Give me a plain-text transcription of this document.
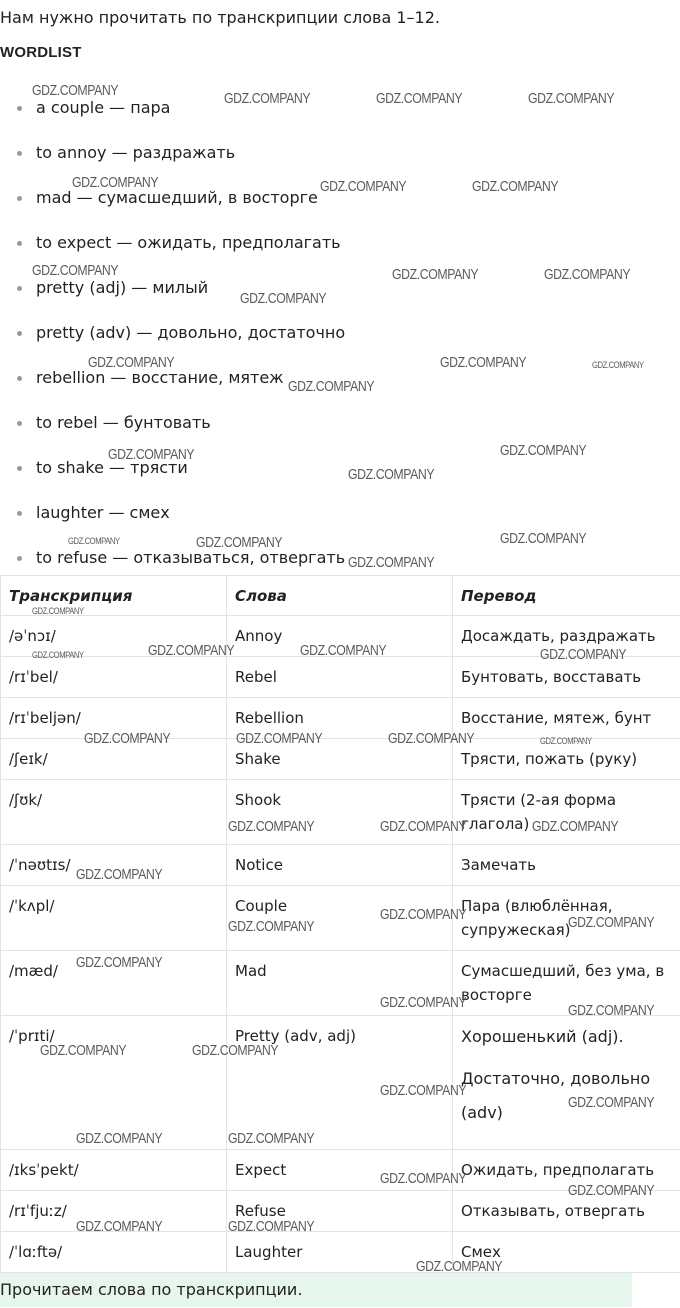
Нам нужно прочитать по транскрипции слова 1–12.
WORDLIST
a couple — пара
to annoy — раздражать
mad — сумасшедший, в восторге
to expect — ожидать, предполагать
pretty (adj) — милый
pretty (adv) — довольно, достаточно
rebellion — восстание, мятеж
to rebel — бунтовать
to shake — трясти
laughter — смех
to refuse — отказываться, отвергать
Транскрипция	Слова	Перевод
/əˈnɔɪ/	Annoy	Досаждать, раздражать
/rɪˈbel/	Rebel	Бунтовать, восставать
/rɪˈbeljən/	Rebellion	Восстание, мятеж, бунт
/ʃeɪk/	Shake	Трясти, пожать (руку)
/ʃʊk/	Shook	Трясти (2-ая форма глагола)
/ˈnəʊtɪs/	Notice	Замечать
/ˈkʌpl/	Couple	Пара (влюблённая, супружеская)
/mæd/	Mad	Сумасшедший, без ума, в восторге
/ˈprɪti/	Pretty (adv, adj)	Хорошенький (adj).
Достаточно, довольно (adv)

/ɪksˈpekt/	Expect	Ожидать, предполагать
/rɪˈfjuːz/	Refuse	Отказывать, отвергать
/ˈlɑːftə/	Laughter	Смех
Прочитаем слова по транскрипции.
GDZ.COMPANY	GDZ.COMPANY	GDZ.COMPANY	GDZ.COMPANY
GDZ.COMPANY	GDZ.COMPANY	GDZ.COMPANY
GDZ.COMPANY	GDZ.COMPANY	GDZ.COMPANY
GDZ.COMPANY
GDZ.COMPANY	GDZ.COMPANY	GDZ.COMPANY
GDZ.COMPANY
GDZ.COMPANY	GDZ.COMPANY
GDZ.COMPANY
GDZ.COMPANY	GDZ.COMPANY	GDZ.COMPANY
GDZ.COMPANY
GDZ.COMPANY
GDZ.COMPANY	GDZ.COMPANY	GDZ.COMPANY	GDZ.COMPANY
GDZ.COMPANY	GDZ.COMPANY	GDZ.COMPANY	GDZ.COMPANY
GDZ.COMPANY	GDZ.COMPANY	GDZ.COMPANY
GDZ.COMPANY
GDZ.COMPANY	GDZ.COMPANY
GDZ.COMPANY
GDZ.COMPANY
GDZ.COMPANY	GDZ.COMPANY
GDZ.COMPANY	GDZ.COMPANY
GDZ.COMPANY
GDZ.COMPANY
GDZ.COMPANY	GDZ.COMPANY
GDZ.COMPANY
GDZ.COMPANY
GDZ.COMPANY	GDZ.COMPANY
GDZ.COMPANY
